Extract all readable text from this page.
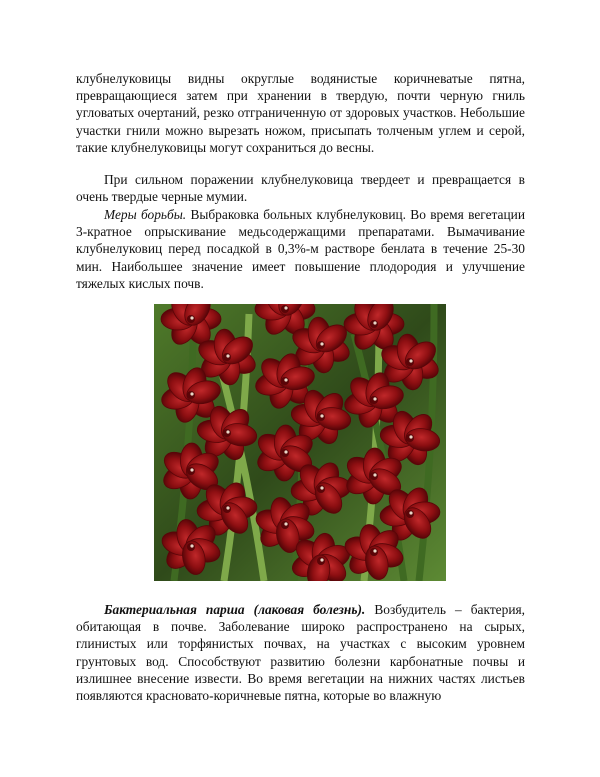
клубнелуковицы видны округлые водянистые коричневатые пятна, превращающиеся затем при хранении в твердую, почти черную гниль угловатых очертаний, резко отграниченную от здоровых участков. Небольшие участки гнили можно вырезать ножом, присыпать толченым углем и серой, такие клубнелуковицы могут сохраниться до весны.

При сильном поражении клубнелуковица твердеет и превращается в очень твердые черные мумии.

Меры борьбы. Выбраковка больных клубнелуковиц. Во время вегетации 3-кратное опрыскивание медьсодержащими препаратами. Вымачивание клубнелуковиц перед посадкой в 0,3%-м растворе бенлата в течение 25-30 мин. Наибольшее значение имеет повышение плодородия и улучшение тяжелых кислых почв.

Бактериальная парша (лаковая болезнь). Возбудитель – бактерия, обитающая в почве. Заболевание широко распространено на сырых, глинистых или торфянистых почвах, на участках с высоким уровнем грунтовых вод. Способствуют развитию болезни карбонатные почвы и излишнее внесение извести. Во время вегетации на нижних частях листьев появляются красновато-коричневые пятна, которые во влажную
